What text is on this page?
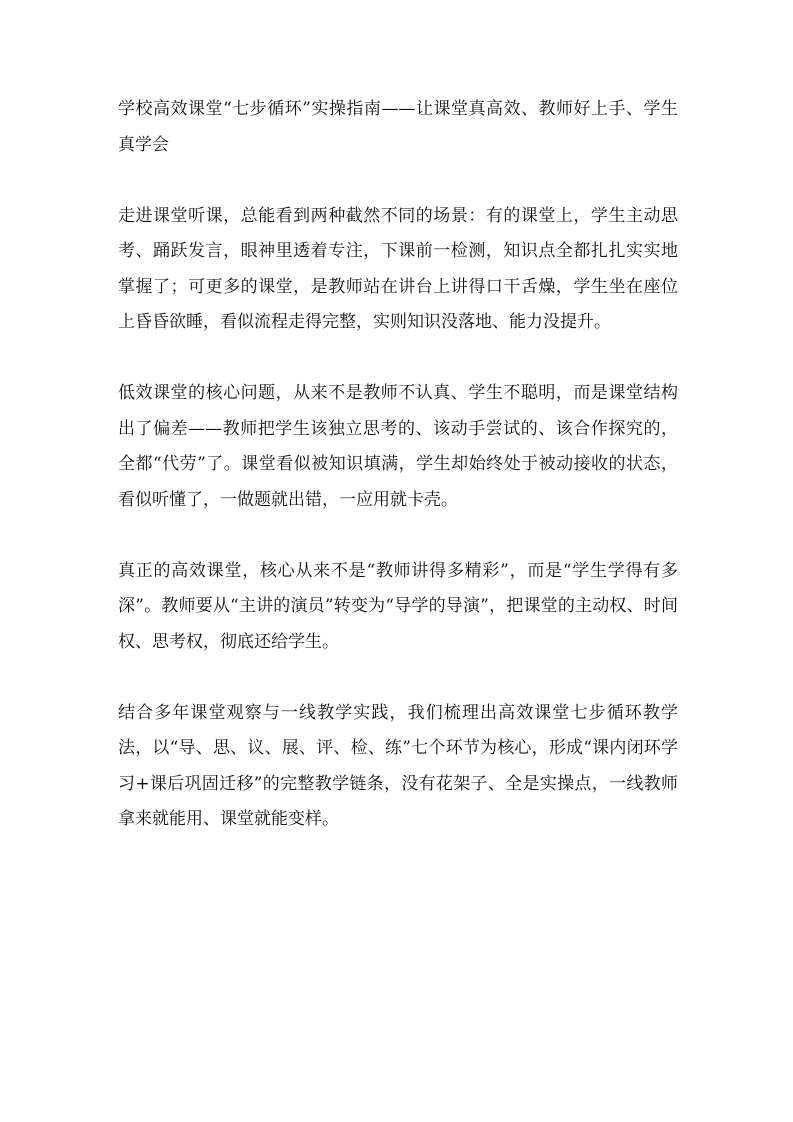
学校高效课堂“七步循环”实操指南——让课堂真高效、教师好上手、学生真学会

走进课堂听课，总能看到两种截然不同的场景：有的课堂上，学生主动思考、踊跃发言，眼神里透着专注，下课前一检测，知识点全都扎扎实实地掌握了；可更多的课堂，是教师站在讲台上讲得口干舌燥，学生坐在座位上昏昏欲睡，看似流程走得完整，实则知识没落地、能力没提升。

低效课堂的核心问题，从来不是教师不认真、学生不聪明，而是课堂结构出了偏差——教师把学生该独立思考的、该动手尝试的、该合作探究的，全都“代劳”了。课堂看似被知识填满，学生却始终处于被动接收的状态，看似听懂了，一做题就出错，一应用就卡壳。

真正的高效课堂，核心从来不是“教师讲得多精彩”，而是“学生学得有多深”。教师要从“主讲的演员”转变为“导学的导演”，把课堂的主动权、时间权、思考权，彻底还给学生。

结合多年课堂观察与一线教学实践，我们梳理出高效课堂七步循环教学法，以“导、思、议、展、评、检、练”七个环节为核心，形成“课内闭环学习+课后巩固迁移”的完整教学链条，没有花架子、全是实操点，一线教师拿来就能用、课堂就能变样。
